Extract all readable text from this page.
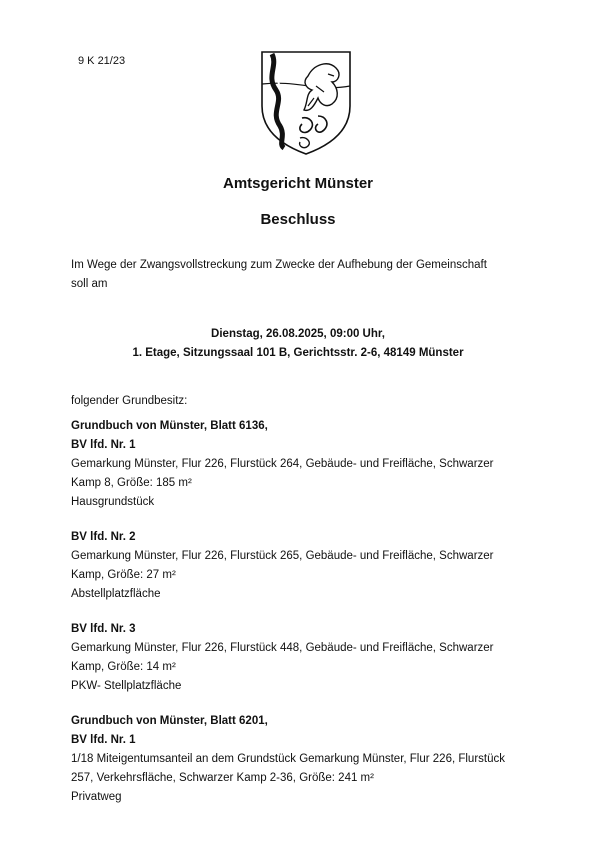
9 K 21/23
Amtsgericht Münster
Beschluss
Im Wege der Zwangsvollstreckung zum Zwecke der Aufhebung der Gemeinschaft
soll am
Dienstag, 26.08.2025, 09:00 Uhr,
1. Etage, Sitzungssaal 101 B, Gerichtsstr. 2-6, 48149 Münster
folgender Grundbesitz:

Grundbuch von Münster, Blatt 6136,

BV lfd. Nr. 1

Gemarkung Münster, Flur 226, Flurstück 264, Gebäude- und Freifläche, Schwarzer

Kamp 8, Größe: 185 m²

Hausgrundstück

BV lfd. Nr. 2

Gemarkung Münster, Flur 226, Flurstück 265, Gebäude- und Freifläche, Schwarzer

Kamp, Größe: 27 m²

Abstellplatzfläche

BV lfd. Nr. 3

Gemarkung Münster, Flur 226, Flurstück 448, Gebäude- und Freifläche, Schwarzer

Kamp, Größe: 14 m²

PKW- Stellplatzfläche

Grundbuch von Münster, Blatt 6201,

BV lfd. Nr. 1

1/18 Miteigentumsanteil an dem Grundstück Gemarkung Münster, Flur 226, Flurstück

257, Verkehrsfläche, Schwarzer Kamp 2-36, Größe: 241 m²

Privatweg
